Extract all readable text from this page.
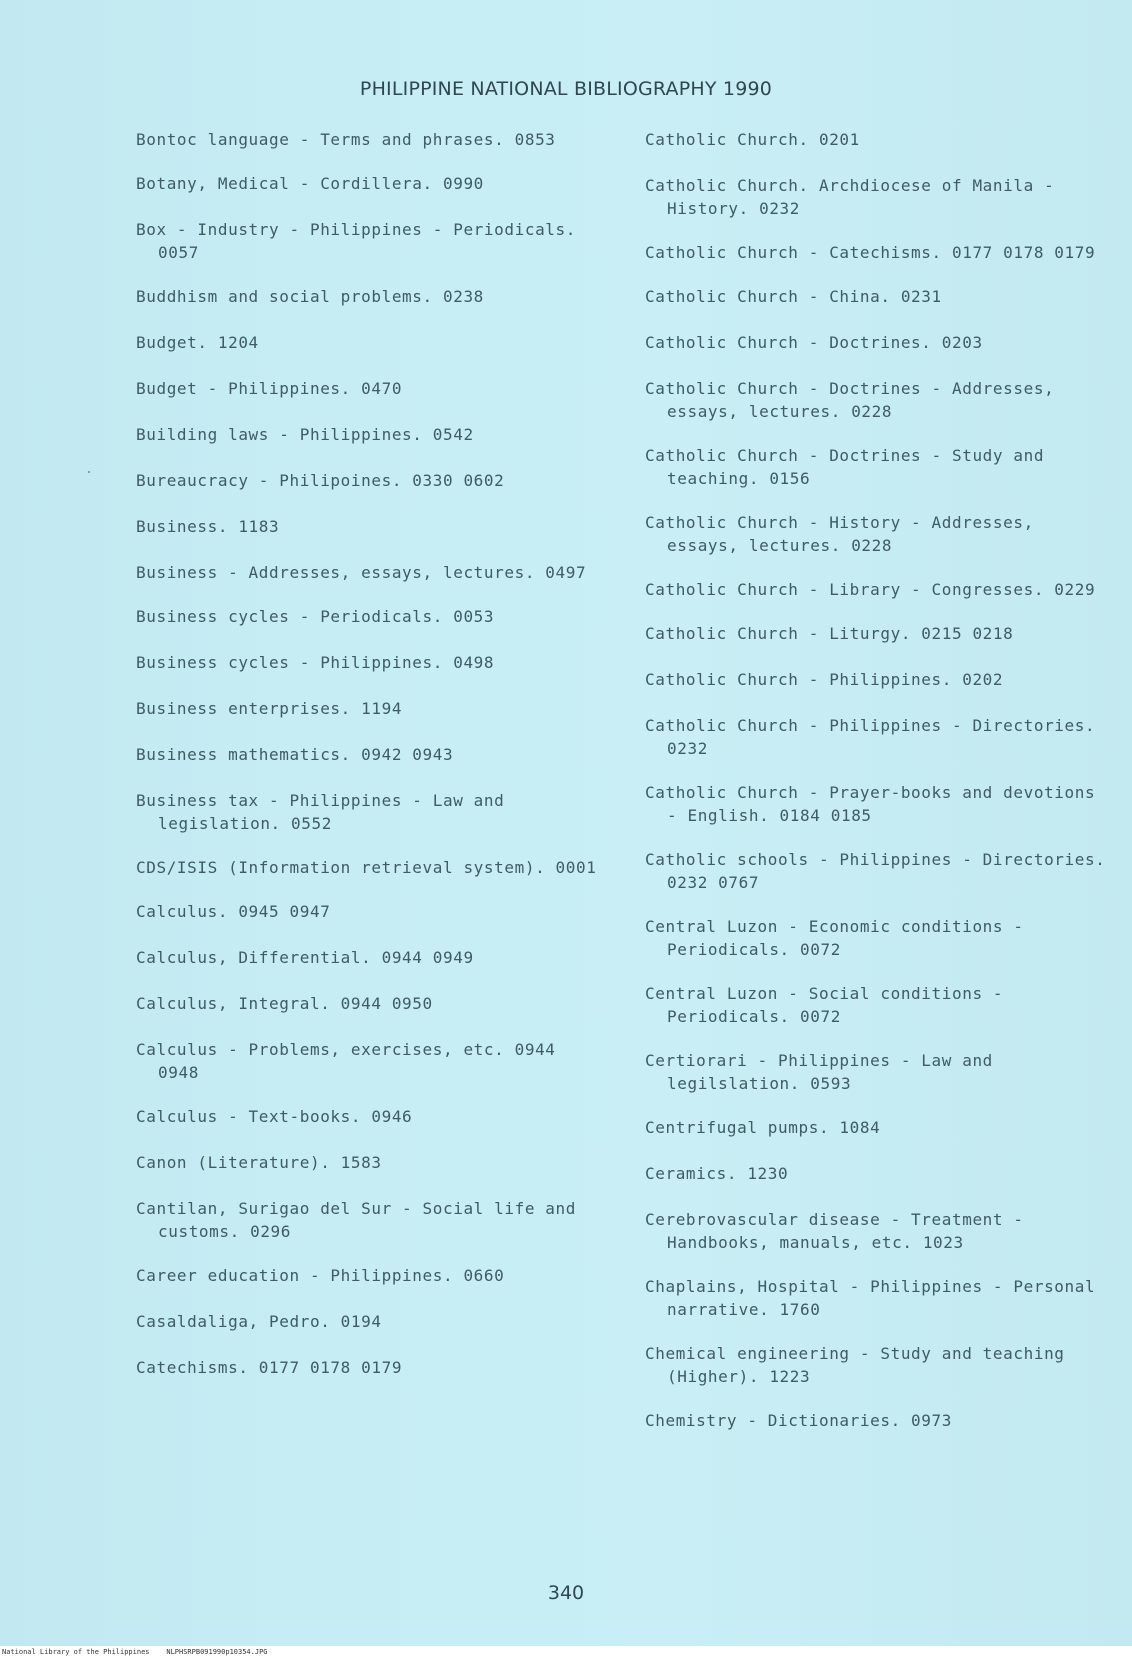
PHILIPPINE NATIONAL BIBLIOGRAPHY 1990
Bontoc language - Terms and phrases. 0853
Botany, Medical - Cordillera. 0990
Box - Industry - Philippines - Periodicals. 0057
Buddhism and social problems. 0238
Budget. 1204
Budget - Philippines. 0470
Building laws - Philippines. 0542
Bureaucracy - Philipoines. 0330 0602
Business. 1183
Business - Addresses, essays, lectures. 0497
Business cycles - Periodicals. 0053
Business cycles - Philippines. 0498
Business enterprises. 1194
Business mathematics. 0942 0943
Business tax - Philippines - Law and legislation. 0552
CDS/ISIS (Information retrieval system). 0001
Calculus. 0945 0947
Calculus, Differential. 0944 0949
Calculus, Integral. 0944 0950
Calculus - Problems, exercises, etc. 0944 0948
Calculus - Text-books. 0946
Canon (Literature). 1583
Cantilan, Surigao del Sur - Social life and customs. 0296
Career education - Philippines. 0660
Casaldaliga, Pedro. 0194
Catechisms. 0177 0178 0179
Catholic Church. 0201
Catholic Church. Archdiocese of Manila - History. 0232
Catholic Church - Catechisms. 0177 0178 0179
Catholic Church - China. 0231
Catholic Church - Doctrines. 0203
Catholic Church - Doctrines - Addresses, essays, lectures. 0228
Catholic Church - Doctrines - Study and teaching. 0156
Catholic Church - History - Addresses, essays, lectures. 0228
Catholic Church - Library - Congresses. 0229
Catholic Church - Liturgy. 0215 0218
Catholic Church - Philippines. 0202
Catholic Church - Philippines - Directories. 0232
Catholic Church - Prayer-books and devotions - English. 0184 0185
Catholic schools - Philippines - Directories. 0232 0767
Central Luzon - Economic conditions - Periodicals. 0072
Central Luzon - Social conditions - Periodicals. 0072
Certiorari - Philippines - Law and legilslation. 0593
Centrifugal pumps. 1084
Ceramics. 1230
Cerebrovascular disease - Treatment - Handbooks, manuals, etc. 1023
Chaplains, Hospital - Philippines - Personal narrative. 1760
Chemical engineering - Study and teaching (Higher). 1223
Chemistry - Dictionaries. 0973
340
National Library of the Philippines    NLPHSRPB091990p10354.JPG
